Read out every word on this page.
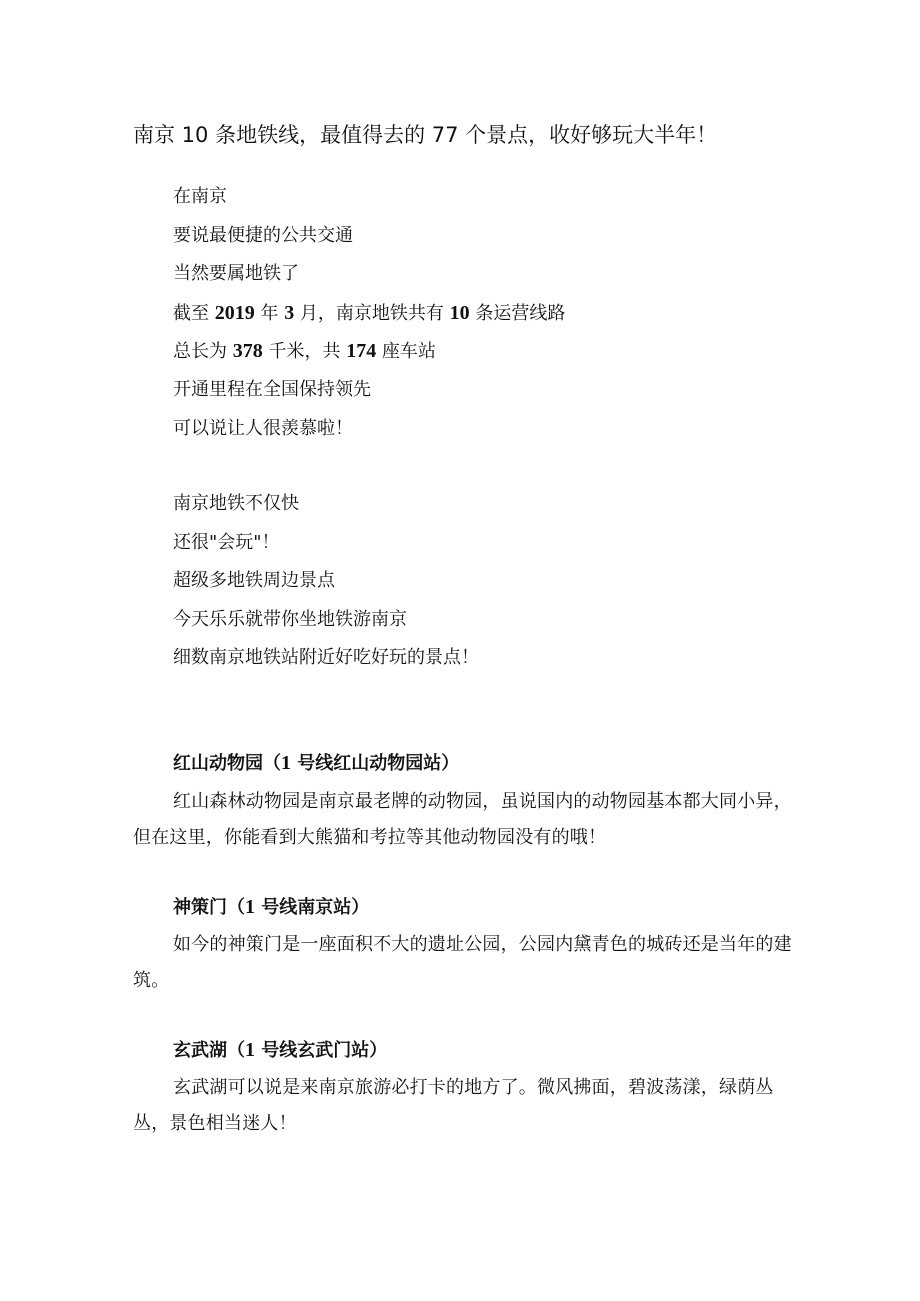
南京 10 条地铁线，最值得去的 77 个景点，收好够玩大半年！

在南京

要说最便捷的公共交通

当然要属地铁了

截至 2019 年 3 月，南京地铁共有 10 条运营线路

总长为 378 千米，共 174 座车站

开通里程在全国保持领先

可以说让人很羡慕啦！

南京地铁不仅快

还很"会玩"！

超级多地铁周边景点

今天乐乐就带你坐地铁游南京

细数南京地铁站附近好吃好玩的景点！

红山动物园（1 号线红山动物园站）

红山森林动物园是南京最老牌的动物园，虽说国内的动物园基本都大同小异，但在这里，你能看到大熊猫和考拉等其他动物园没有的哦！

神策门（1 号线南京站）

如今的神策门是一座面积不大的遗址公园，公园内黛青色的城砖还是当年的建筑。

玄武湖（1 号线玄武门站）

玄武湖可以说是来南京旅游必打卡的地方了。微风拂面，碧波荡漾，绿荫丛丛，景色相当迷人！
